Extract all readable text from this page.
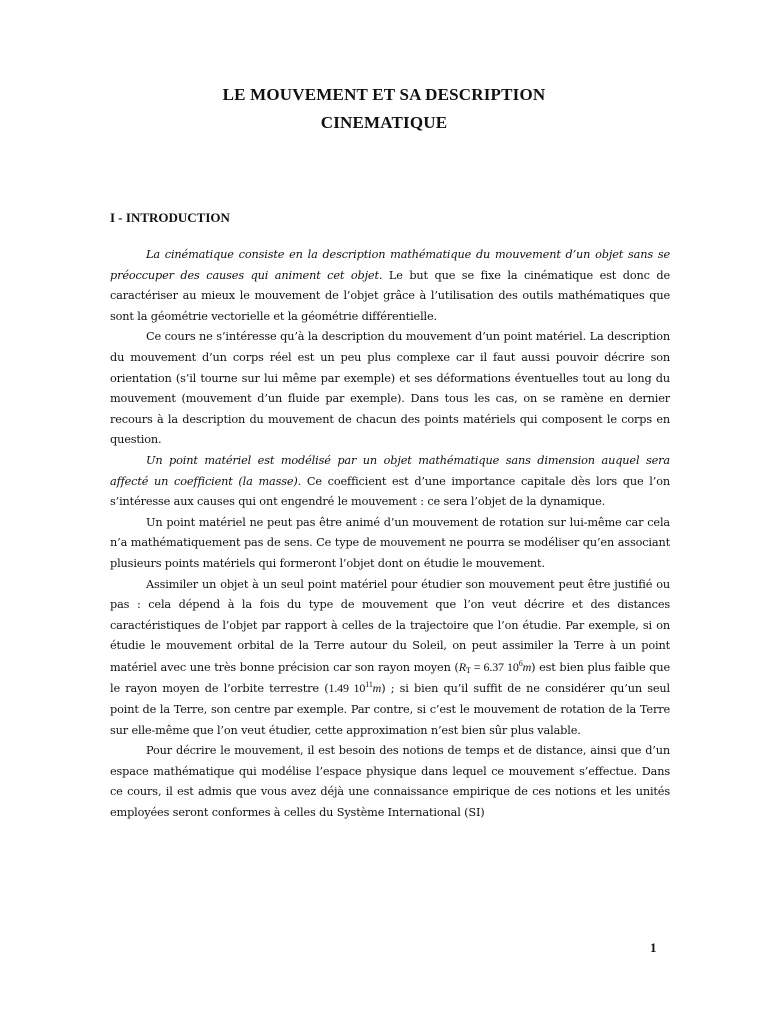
LE MOUVEMENT ET SA DESCRIPTION
CINEMATIQUE
I - INTRODUCTION

La cinématique consiste en la description mathématique du mouvement d’un objet sans se préoccuper des causes qui animent cet objet. Le but que se fixe la cinématique est donc de caractériser au mieux le mouvement de l’objet grâce à l’utilisation des outils mathématiques que sont la géométrie vectorielle et la géométrie différentielle.

Ce cours ne s’intéresse qu’à la description du mouvement d’un point matériel. La description du mouvement d’un corps réel est un peu plus complexe car il faut aussi pouvoir décrire son orientation (s’il tourne sur lui même par exemple) et ses déformations éventuelles tout au long du mouvement (mouvement d’un fluide par exemple). Dans tous les cas, on se ramène en dernier recours à la description du mouvement de chacun des points matériels qui composent le corps en question.

Un point matériel est modélisé par un objet mathématique sans dimension auquel sera affecté un coefficient (la masse). Ce coefficient est d’une importance capitale dès lors que l’on s’intéresse aux causes qui ont engendré le mouvement : ce sera l’objet de la dynamique.

Un point matériel ne peut pas être animé d’un mouvement de rotation sur lui-même car cela n’a mathématiquement pas de sens. Ce type de mouvement ne pourra se modéliser qu’en associant plusieurs points matériels qui formeront l’objet dont on étudie le mouvement.

Assimiler un objet à un seul point matériel pour étudier son mouvement peut être justifié ou pas : cela dépend à la fois du type de mouvement que l’on veut décrire et des distances caractéristiques de l’objet par rapport à celles de la trajectoire que l’on étudie. Par exemple, si on étudie le mouvement orbital de la Terre autour du Soleil, on peut assimiler la Terre à un point matériel avec une très bonne précision car son rayon moyen ($R_T = 6.37$ $10^6m$) est bien plus faible que le rayon moyen de l’orbite terrestre (1.49 $10^{11}m$) ; si bien qu’il suffit de ne considérer qu’un seul point de la Terre, son centre par exemple. Par contre, si c’est le mouvement de rotation de la Terre sur elle-même que l’on veut étudier, cette approximation n’est bien sûr plus valable.

Pour décrire le mouvement, il est besoin des notions de temps et de distance, ainsi que d’un espace mathématique qui modélise l’espace physique dans lequel ce mouvement s’effectue. Dans ce cours, il est admis que vous avez déjà une connaissance empirique de ces notions et les unités employées seront conformes à celles du Système International (SI)

1
